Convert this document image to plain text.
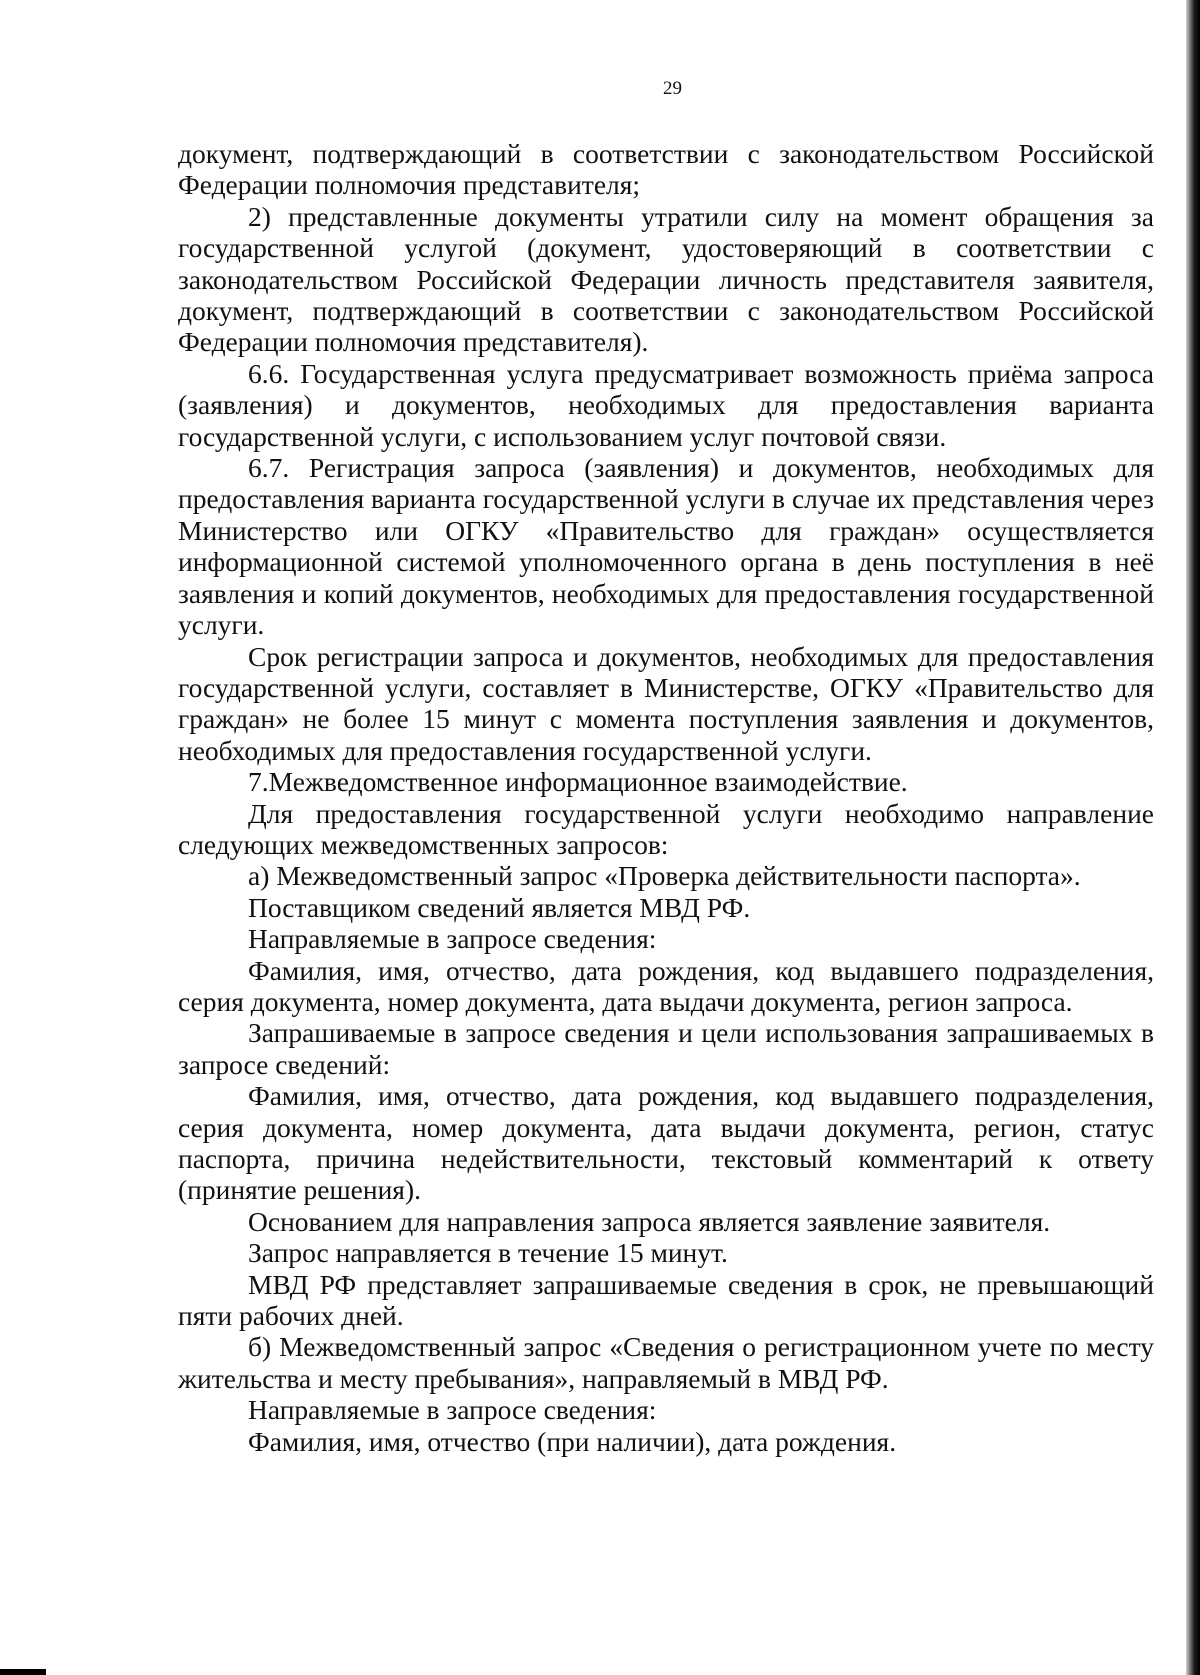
29

документ, подтверждающий в соответствии с законодательством Российской Федерации полномочия представителя;

2) представленные документы утратили силу на момент обращения за государственной услугой (документ, удостоверяющий в соответствии с законодательством Российской Федерации личность представителя заявителя, документ, подтверждающий в соответствии с законодательством Российской Федерации полномочия представителя).

6.6. Государственная услуга предусматривает возможность приёма запроса (заявления) и документов, необходимых для предоставления варианта государственной услуги, с использованием услуг почтовой связи.

6.7. Регистрация запроса (заявления) и документов, необходимых для предоставления варианта государственной услуги в случае их представления через Министерство или ОГКУ «Правительство для граждан» осуществляется информационной системой уполномоченного органа в день поступления в неё заявления и копий документов, необходимых для предоставления государственной услуги.

Срок регистрации запроса и документов, необходимых для предоставления государственной услуги, составляет в Министерстве, ОГКУ «Правительство для граждан» не более 15 минут с момента поступления заявления и документов, необходимых для предоставления государственной услуги.

7.Межведомственное информационное взаимодействие.

Для предоставления государственной услуги необходимо направление следующих межведомственных запросов:

а) Межведомственный запрос «Проверка действительности паспорта».

Поставщиком сведений является МВД РФ.

Направляемые в запросе сведения:

Фамилия, имя, отчество, дата рождения, код выдавшего подразделения, серия документа, номер документа, дата выдачи документа, регион запроса.

Запрашиваемые в запросе сведения и цели использования запрашиваемых в запросе сведений:

Фамилия, имя, отчество, дата рождения, код выдавшего подразделения, серия документа, номер документа, дата выдачи документа, регион, статус паспорта, причина недействительности, текстовый комментарий к ответу (принятие решения).

Основанием для направления запроса является заявление заявителя.

Запрос направляется в течение 15 минут.

МВД РФ представляет запрашиваемые сведения в срок, не превышающий пяти рабочих дней.

б) Межведомственный запрос «Сведения о регистрационном учете по месту жительства и месту пребывания», направляемый в МВД РФ.

Направляемые в запросе сведения:

Фамилия, имя, отчество (при наличии), дата рождения.
